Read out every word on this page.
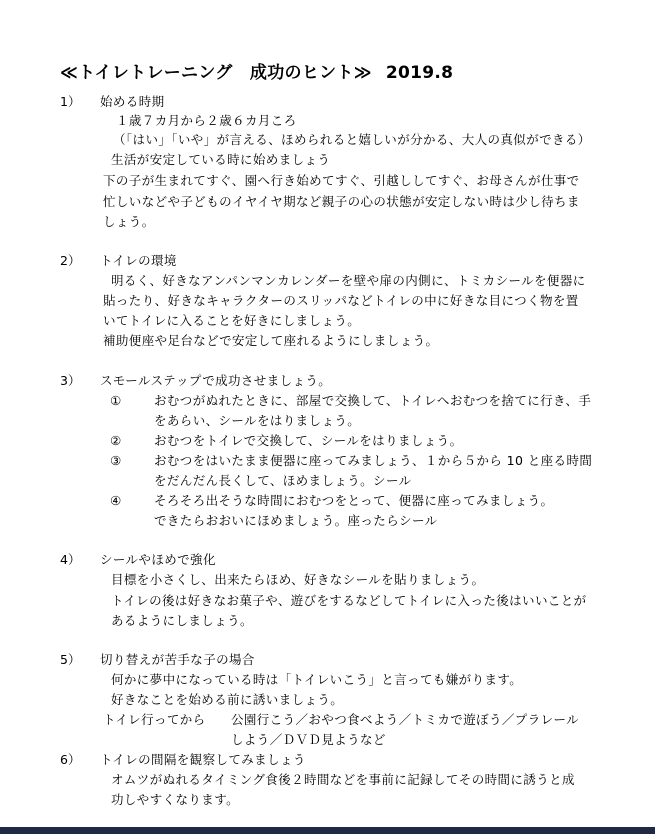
≪トイレトレーニング　成功のヒント≫ 2019.8
1） 始める時期
１歳７カ月から２歳６カ月ころ
（「はい」「いや」が言える、ほめられると嬉しいが分かる、大人の真似ができる）
生活が安定している時に始めましょう
下の子が生まれてすぐ、園へ行き始めてすぐ、引越ししてすぐ、お母さんが仕事で
忙しいなどや子どものイヤイヤ期など親子の心の状態が安定しない時は少し待ちま
しょう。
2） トイレの環境
明るく、好きなアンパンマンカレンダーを壁や扉の内側に、トミカシールを便器に
貼ったり、好きなキャラクターのスリッパなどトイレの中に好きな目につく物を置
いてトイレに入ることを好きにしましょう。
補助便座や足台などで安定して座れるようにしましょう。
3） スモールステップで成功させましょう。
①	おむつがぬれたときに、部屋で交換して、トイレへおむつを捨てに行き、手
をあらい、シールをはりましょう。
②	おむつをトイレで交換して、シールをはりましょう。
③	おむつをはいたまま便器に座ってみましょう、１から５から 10 と座る時間
をだんだん長くして、ほめましょう。シール
④	そろそろ出そうな時間におむつをとって、便器に座ってみましょう。
できたらおおいにほめましょう。座ったらシール
4） シールやほめで強化
目標を小さくし、出来たらほめ、好きなシールを貼りましょう。
トイレの後は好きなお菓子や、遊びをするなどしてトイレに入った後はいいことが
あるようにしましょう。
5） 切り替えが苦手な子の場合
何かに夢中になっている時は「トイレいこう」と言っても嫌がります。
好きなことを始める前に誘いましょう。
トイレ行ってから 公園行こう／おやつ食べよう／トミカで遊ぼう／プラレール
しよう／ＤＶＤ見ようなど
6） トイレの間隔を観察してみましょう
オムツがぬれるタイミング食後２時間などを事前に記録してその時間に誘うと成
功しやすくなります。
